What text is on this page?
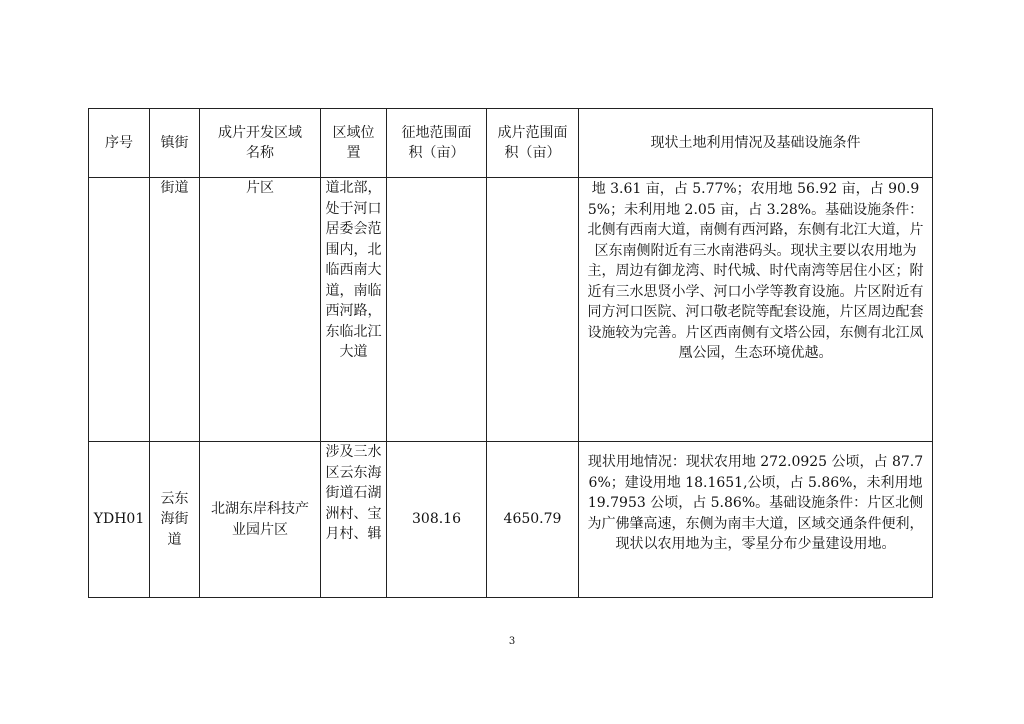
序号	镇街	成片开发区域名称	区域位置	征地范围面积（亩）	成片范围面积（亩）	现状土地利用情况及基础设施条件

	街道	片区	道北部，处于河口居委会范围内，北临西南大道，南临西河路，东临北江大道			地 3.61 亩，占 5.77%；农用地 56.92 亩，占 90.95%；未利用地 2.05 亩，占 3.28%。基础设施条件：北侧有西南大道，南侧有西河路，东侧有北江大道，片区东南侧附近有三水南港码头。现状主要以农用地为主，周边有御龙湾、时代城、时代南湾等居住小区；附近有三水思贤小学、河口小学等教育设施。片区附近有同方河口医院、河口敬老院等配套设施，片区周边配套设施较为完善。片区西南侧有文塔公园，东侧有北江凤凰公园，生态环境优越。

YDH01	云东海街道	北湖东岸科技产业园片区	涉及三水区云东海街道石湖洲村、宝月村、辑	308.16	4650.79	现状用地情况：现状农用地 272.0925 公顷，占 87.76%；建设用地 18.1651,公顷，占 5.86%，未利用地 19.7953 公顷，占 5.86%。基础设施条件：片区北侧为广佛肇高速，东侧为南丰大道，区域交通条件便利，现状以农用地为主，零星分布少量建设用地。
3
